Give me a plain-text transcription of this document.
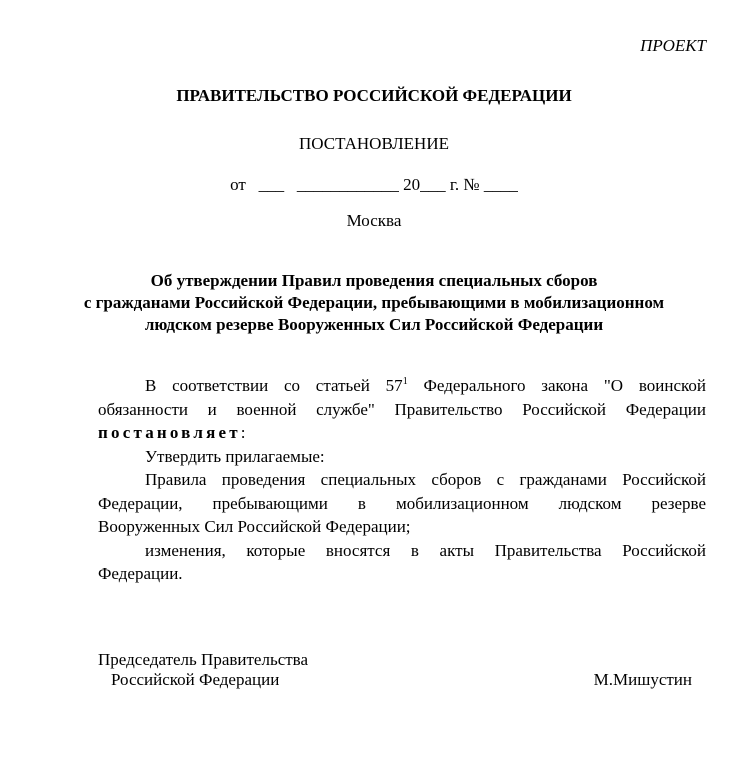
ПРОЕКТ
ПРАВИТЕЛЬСТВО РОССИЙСКОЙ ФЕДЕРАЦИИ
ПОСТАНОВЛЕНИЕ
от ___ ____________ 20___ г. № ____
Москва
Об утверждении Правил проведения специальных сборов
с гражданами Российской Федерации, пребывающими в мобилизационном
людском резерве Вооруженных Сил Российской Федерации
В соответствии со статьей $57^1$ Федерального закона "О воинской
обязанности и военной службе" Правительство Российской Федерации
постановляет:
Утвердить прилагаемые:
Правила проведения специальных сборов с гражданами Российской
Федерации, пребывающими в мобилизационном людском резерве
Вооруженных Сил Российской Федерации;
изменения, которые вносятся в акты Правительства Российской
Федерации.
Председатель Правительства
Российской Федерации	М.Мишустин
